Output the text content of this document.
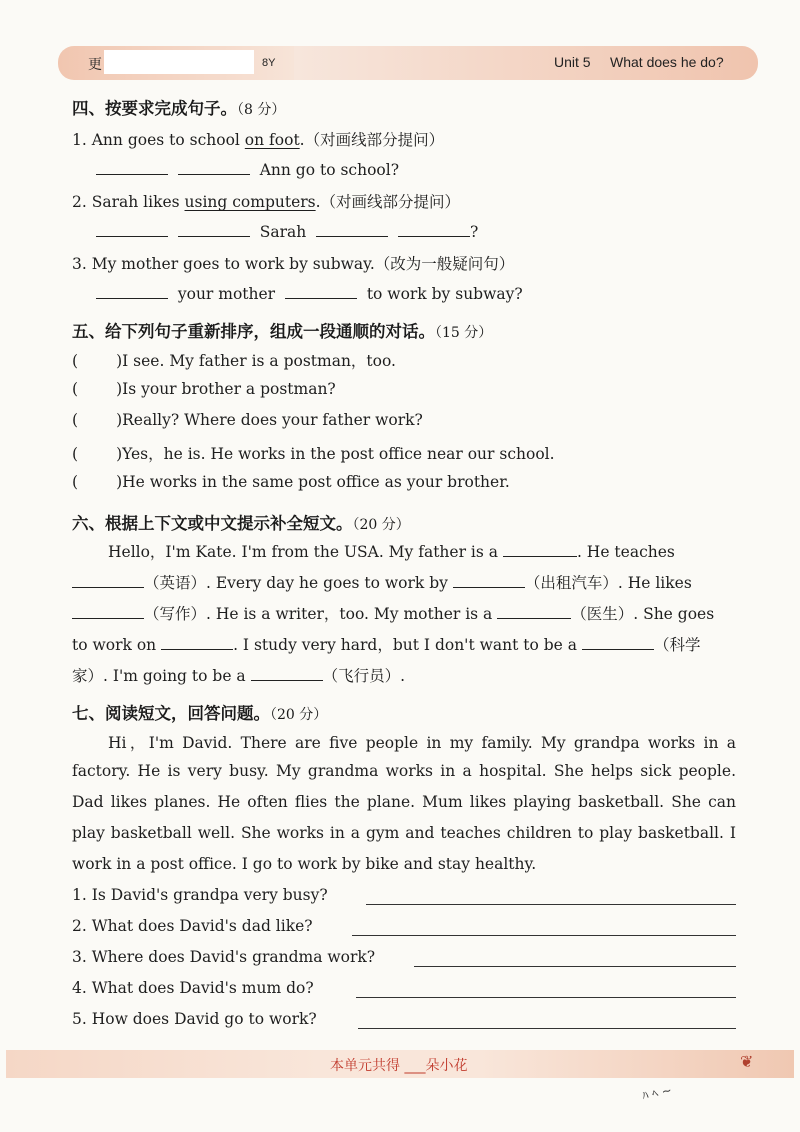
更	8Y	Unit 5 What does he do?
四、按要求完成句子。（8 分）
1. Ann goes to school on foot.（对画线部分提问）
Ann go to school?
2. Sarah likes using computers.（对画线部分提问）
Sarah	?
3. My mother goes to work by subway.（改为一般疑问句）
your mother	to work by subway?
五、给下列句子重新排序，组成一段通顺的对话。（15 分）
( )I see. My father is a postman，too.
( )Is your brother a postman?
( )Really? Where does your father work?
( )Yes，he is. He works in the post office near our school.
( )He works in the same post office as your brother.
六、根据上下文或中文提示补全短文。（20 分）
Hello，I'm Kate. I'm from the USA. My father is a	. He teaches
（英语）. Every day he goes to work by	（出租汽车）. He likes
（写作）. He is a writer，too. My mother is a	（医生）. She goes
to work on	. I study very hard，but I don't want to be a	（科学
家）. I'm going to be a	（飞行员）.
七、阅读短文，回答问题。（20 分）
Hi，I'm David. There are five people in my family. My grandpa works in a
factory. He is very busy. My grandma works in a hospital. She helps sick people.
Dad likes planes. He often flies the plane. Mum likes playing basketball. She can
play basketball well. She works in a gym and teaches children to play basketball. I
work in a post office. I go to work by bike and stay healthy.
1. Is David's grandpa very busy?
2. What does David's dad like?
3. Where does David's grandma work?
4. What does David's mum do?
5. How does David go to work?
本单元共得 ___朵小花	❦
ﾊ ﾍ ~
